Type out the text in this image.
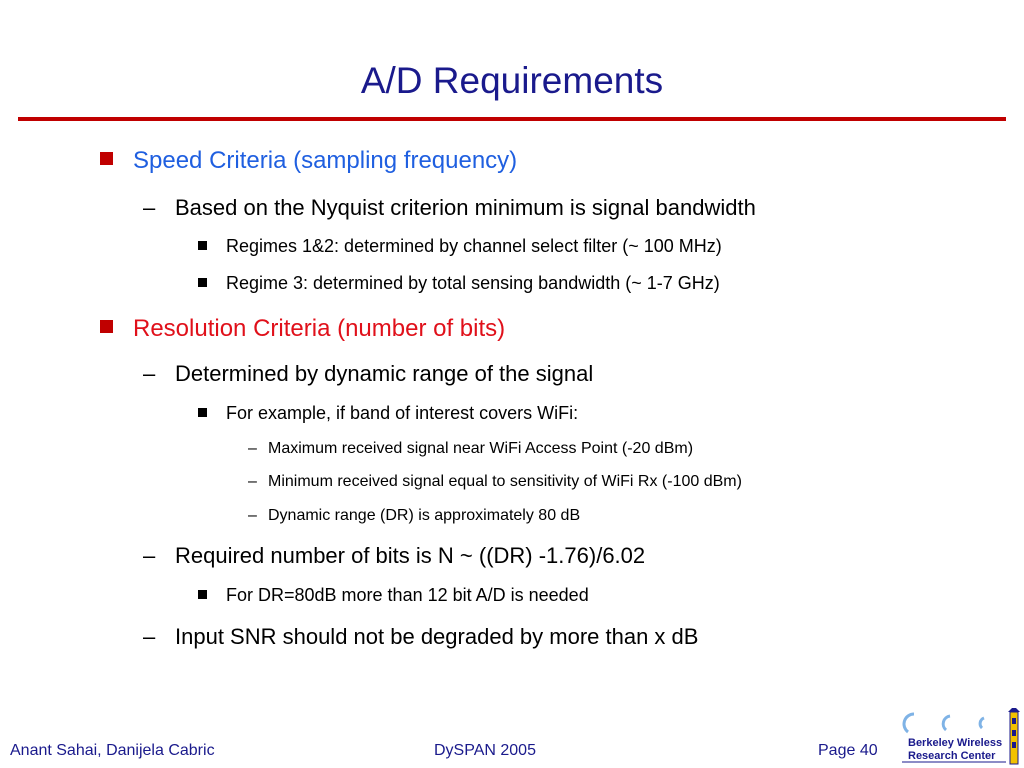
A/D Requirements
Speed Criteria (sampling frequency)
– Based on the Nyquist criterion minimum is signal bandwidth
Regimes 1&2: determined by channel select filter (~ 100 MHz)
Regime 3: determined by total sensing bandwidth (~ 1-7 GHz)
Resolution Criteria (number of bits)
– Determined by dynamic range of the signal
For example, if band of interest covers WiFi:
– Maximum received signal near WiFi Access Point (-20 dBm)
– Minimum received signal equal to sensitivity of WiFi Rx (-100 dBm)
– Dynamic range (DR) is approximately 80 dB
– Required number of bits is N ~ ((DR) -1.76)/6.02
For DR=80dB more than 12 bit A/D is needed
– Input SNR should not be degraded by more than x dB
Anant Sahai, Danijela Cabric	DySPAN 2005	Page 40	Berkeley Wireless
Research Center
